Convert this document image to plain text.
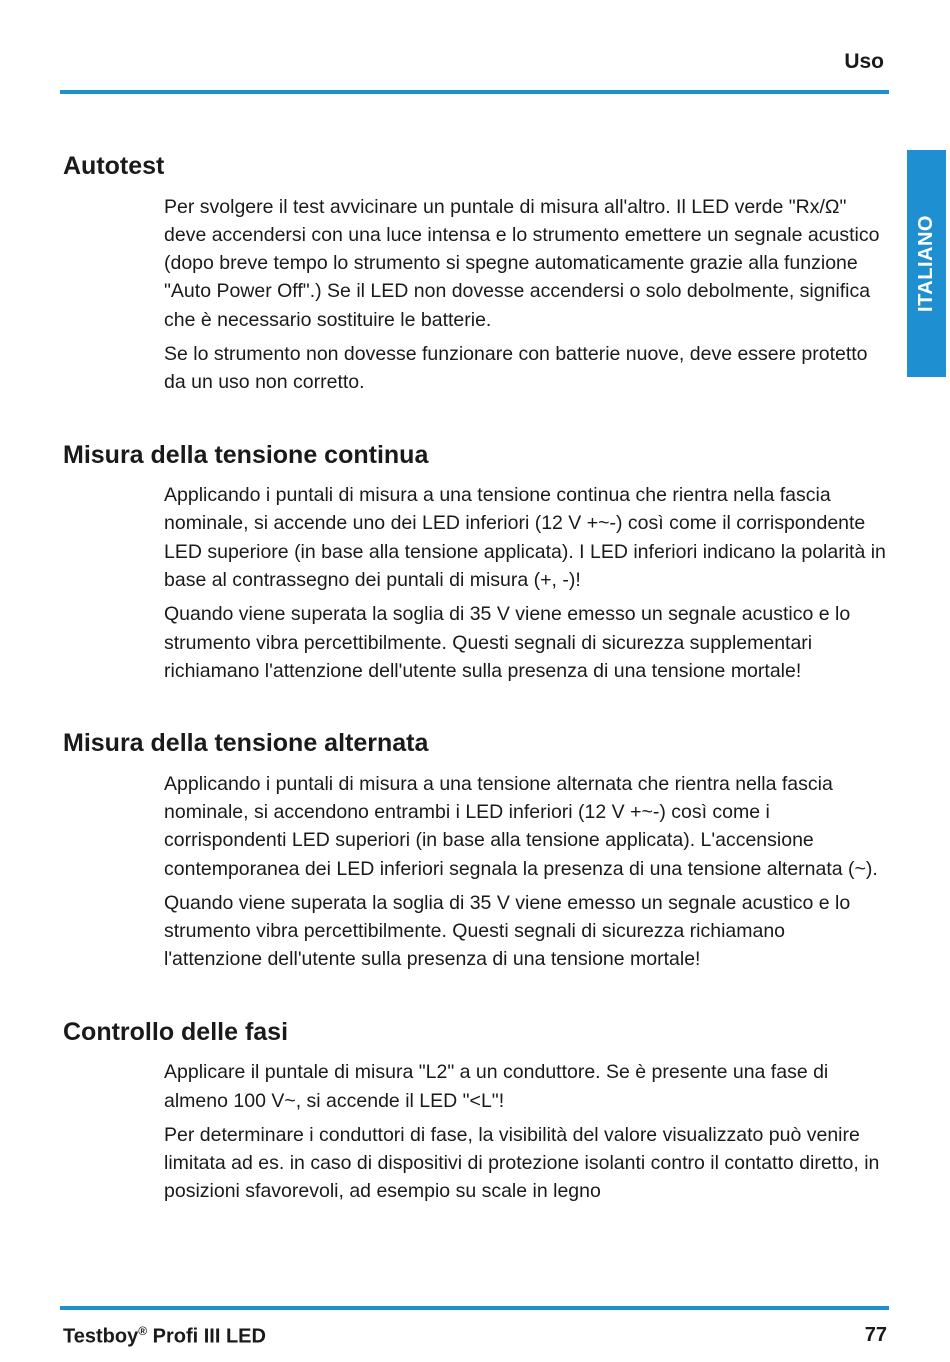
Uso
ITALIANO
Autotest

Per svolgere il test avvicinare un puntale di misura all'altro. Il LED verde "Rx/Ω" deve accendersi con una luce intensa e lo strumento emettere un segnale acustico (dopo breve tempo lo strumento si spegne automaticamente grazie alla funzione "Auto Power Off".) Se il LED non dovesse accendersi o solo debolmente, significa che è necessario sostituire le batterie.

Se lo strumento non dovesse funzionare con batterie nuove, deve essere protetto da un uso non corretto.

Misura della tensione continua

Applicando i puntali di misura a una tensione continua che rientra nella fascia nominale, si accende uno dei LED inferiori (12 V +~-) così come il corrispondente LED superiore (in base alla tensione applicata). I LED inferiori indicano la polarità in base al contrassegno dei puntali di misura (+, -)!

Quando viene superata la soglia di 35 V viene emesso un segnale acustico e lo strumento vibra percettibilmente. Questi segnali di sicurezza supplementari richiamano l'attenzione dell'utente sulla presenza di una tensione mortale!

Misura della tensione alternata

Applicando i puntali di misura a una tensione alternata che rientra nella fascia nominale, si accendono entrambi i LED inferiori (12 V +~-) così come i corrispondenti LED superiori (in base alla tensione applicata). L'accensione contemporanea dei LED inferiori segnala la presenza di una tensione alternata (~).

Quando viene superata la soglia di 35 V viene emesso un segnale acustico e lo strumento vibra percettibilmente. Questi segnali di sicurezza richiamano l'attenzione dell'utente sulla presenza di una tensione mortale!

Controllo delle fasi

Applicare il puntale di misura "L2" a un conduttore. Se è presente una fase di almeno 100 V~, si accende il LED "<L"!

Per determinare i conduttori di fase, la visibilità del valore visualizzato può venire limitata ad es. in caso di dispositivi di protezione isolanti contro il contatto diretto, in posizioni sfavorevoli, ad esempio su scale in legno

Testboy® Profi III LED	77
